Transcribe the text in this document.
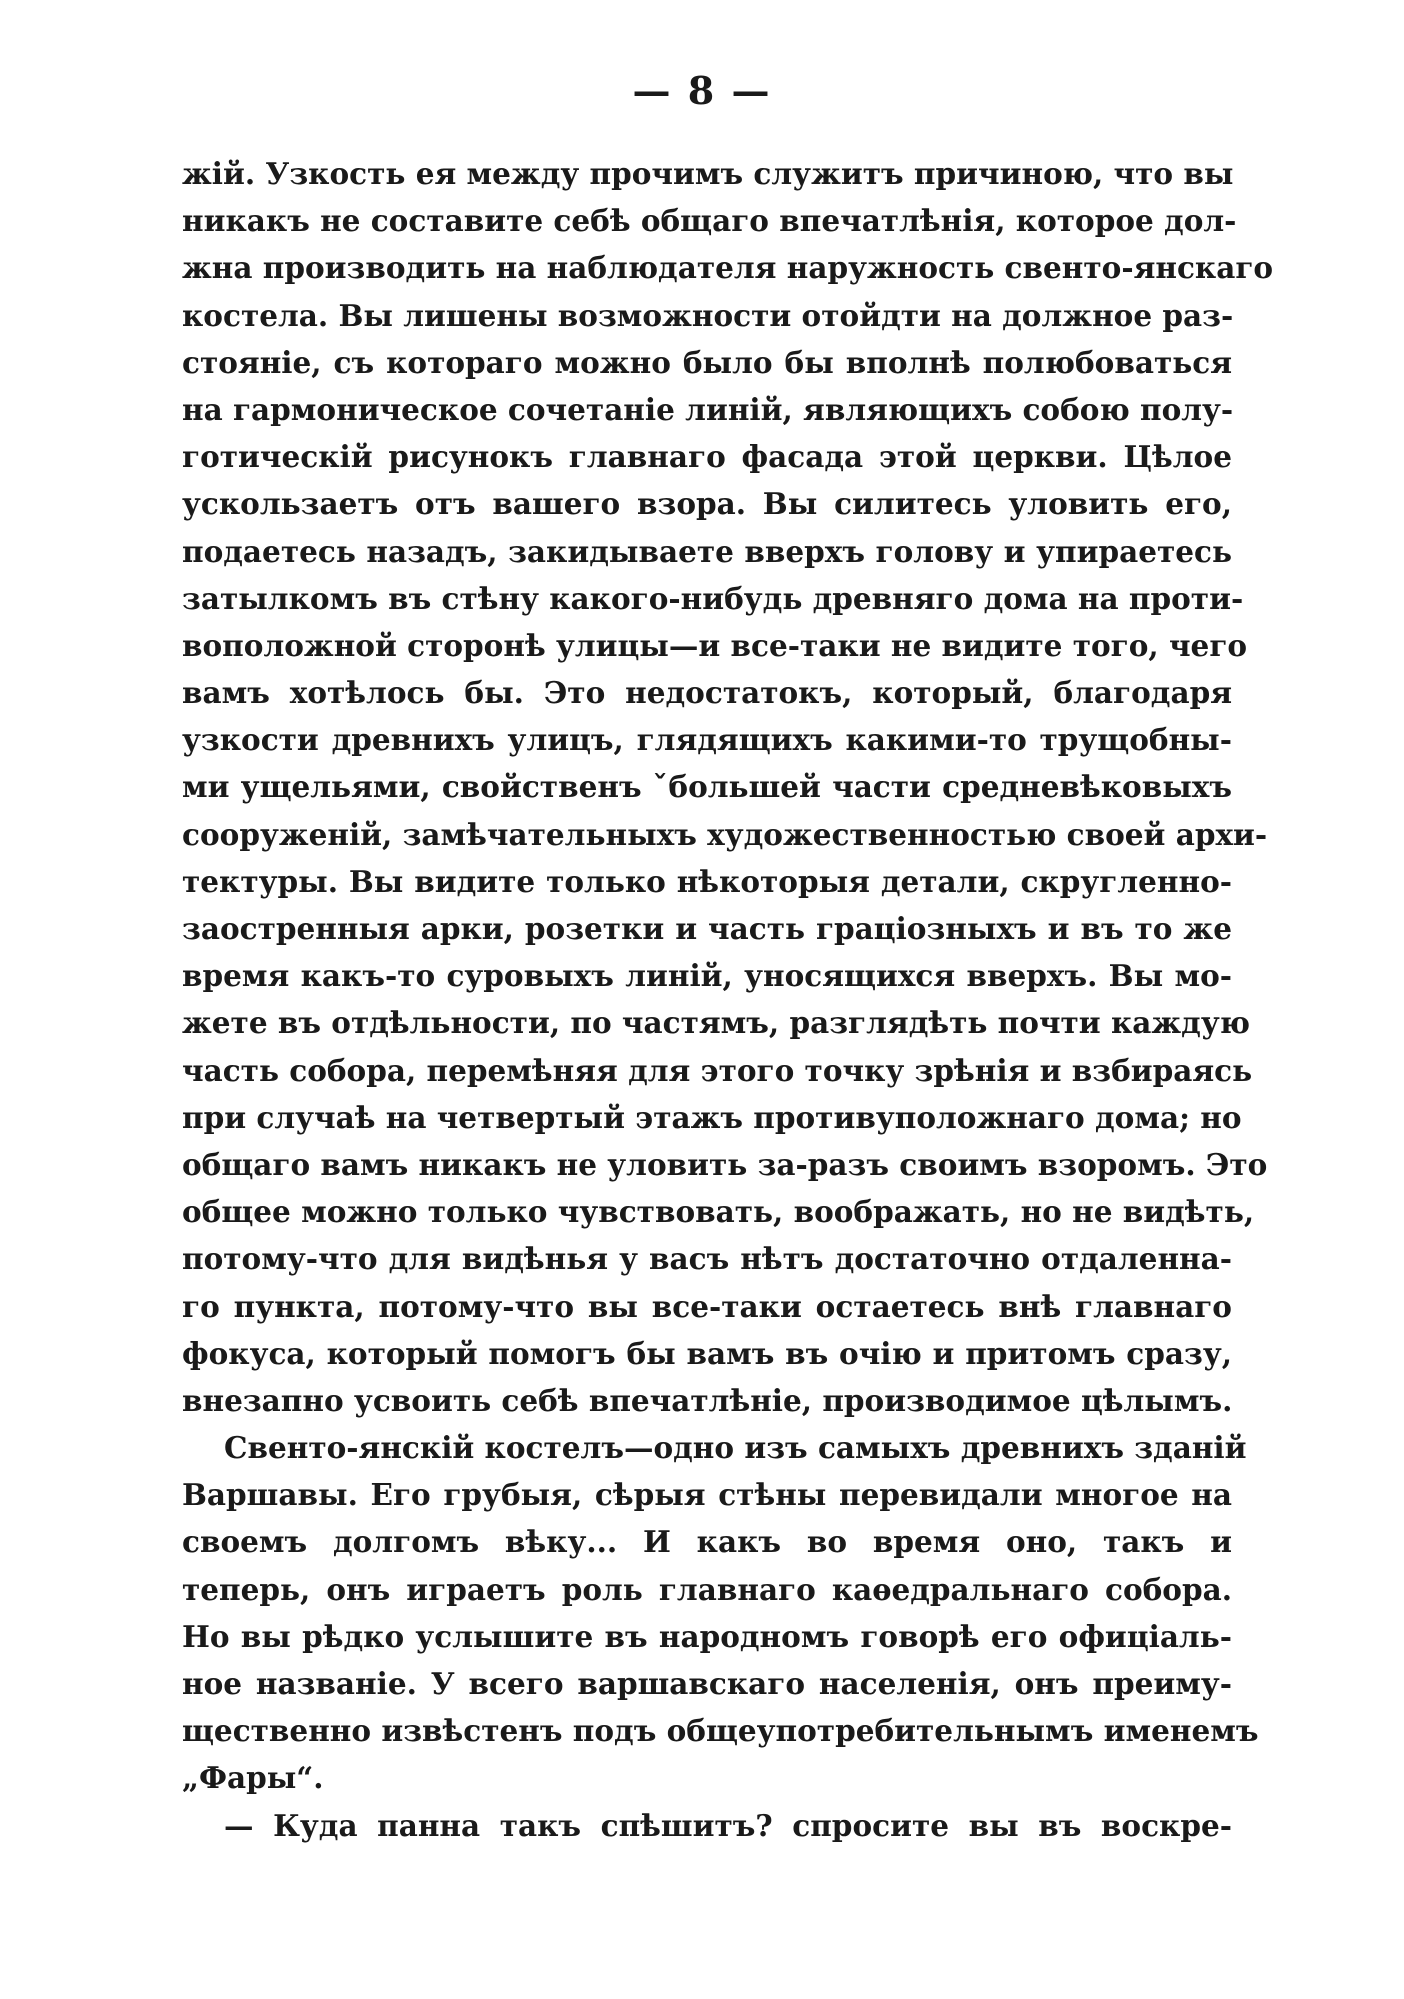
— 8 —
жій. Узкость ея между прочимъ служитъ причиною, что вы
никакъ не составите себѣ общаго впечатлѣнія, которое дол-
жна производить на наблюдателя наружность свенто-янскаго
костела. Вы лишены возможности отойдти на должное раз-
стояніе, съ котораго можно было бы вполнѣ полюбоваться
на гармоническое сочетаніе линій, являющихъ собою полу-
готическій рисунокъ главнаго фасада этой церкви. Цѣлое
ускользаетъ отъ вашего взора. Вы силитесь уловить его,
подаетесь назадъ, закидываете вверхъ голову и упираетесь
затылкомъ въ стѣну какого-нибудь древняго дома на проти-
воположной сторонѣ улицы—и все-таки не видите того, чего
вамъ хотѣлось бы. Это недостатокъ, который, благодаря
узкости древнихъ улицъ, глядящихъ какими-то трущобны-
ми ущельями, свойственъ ˇбольшей части средневѣковыхъ
сооруженій, замѣчательныхъ художественностью своей архи-
тектуры. Вы видите только нѣкоторыя детали, скругленно-
заостренныя арки, розетки и часть граціозныхъ и въ то же
время какъ-то суровыхъ линій, уносящихся вверхъ. Вы мо-
жете въ отдѣльности, по частямъ, разглядѣть почти каждую
часть собора, перемѣняя для этого точку зрѣнія и взбираясь
при случаѣ на четвертый этажъ противуположнаго дома; но
общаго вамъ никакъ не уловить за-разъ своимъ взоромъ. Это
общее можно только чувствовать, воображать, но не видѣть,
потому-что для видѣнья у васъ нѣтъ достаточно отдаленна-
го пункта, потому-что вы все-таки остаетесь внѣ главнаго
фокуса, который помогъ бы вамъ въ очію и притомъ сразу,
внезапно усвоить себѣ впечатлѣніе, производимое цѣлымъ.
Свенто-янскій костелъ—одно изъ самыхъ древнихъ зданій
Варшавы. Его грубыя, сѣрыя стѣны перевидали многое на
своемъ долгомъ вѣку... И какъ во время оно, такъ и
теперь, онъ играетъ роль главнаго каѳедральнаго собора.
Но вы рѣдко услышите въ народномъ говорѣ его офиціаль-
ное названіе. У всего варшавскаго населенія, онъ преиму-
щественно извѣстенъ подъ общеупотребительнымъ именемъ
„Фары“.
— Куда панна такъ спѣшитъ? спросите вы въ воскре-
